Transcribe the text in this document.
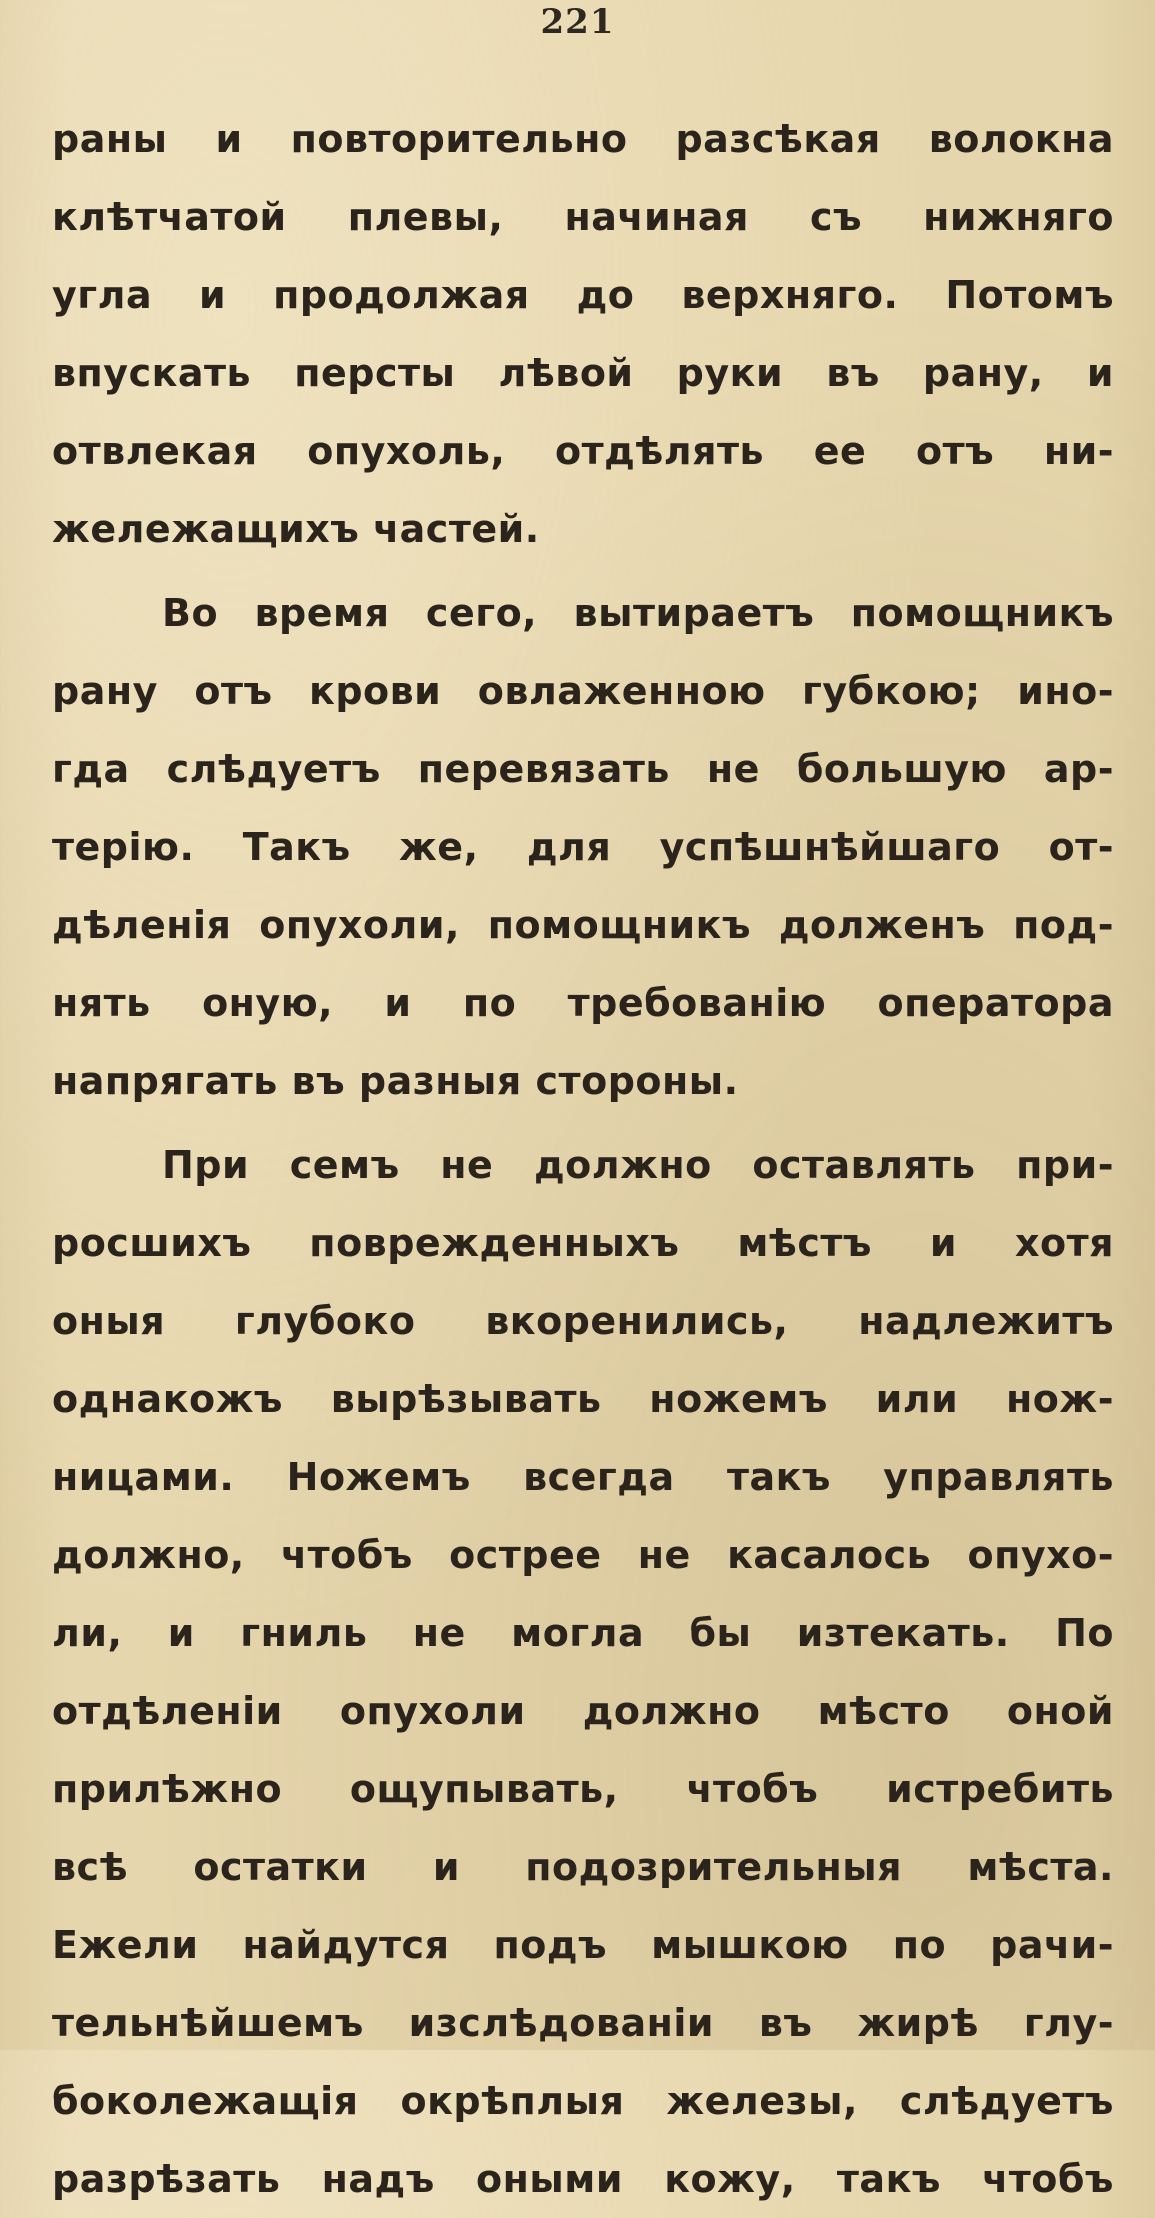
221
раны и повторительно разсѣкая волокна
клѣтчатой плевы, начиная съ нижняго
угла и продолжая до верхняго. Потомъ
впускать персты лѣвой руки въ рану, и
отвлекая опухоль, отдѣлять ее отъ ни-
жележащихъ частей.
Во время сего, вытираетъ помощникъ
рану отъ крови овлаженною губкою; ино-
гда слѣдуетъ перевязать не большую ар-
терію. Такъ же, для успѣшнѣйшаго от-
дѣленія опухоли, помощникъ долженъ под-
нять оную, и по требованію оператора
напрягать въ разныя стороны.
При семъ не должно оставлять при-
росшихъ поврежденныхъ мѣстъ и хотя
оныя глубоко вкоренились, надлежитъ
однакожъ вырѣзывать ножемъ или нож-
ницами. Ножемъ всегда такъ управлять
должно, чтобъ острее не касалось опухо-
ли, и гниль не могла бы изтекать. По
отдѣленіи опухоли должно мѣсто оной
прилѣжно ощупывать, чтобъ истребить
всѣ остатки и подозрительныя мѣста.
Ежели найдутся подъ мышкою по рачи-
тельнѣйшемъ изслѣдованіи въ жирѣ глу-
боколежащія окрѣплыя железы, слѣдуетъ
разрѣзать надъ оными кожу, такъ чтобъ
